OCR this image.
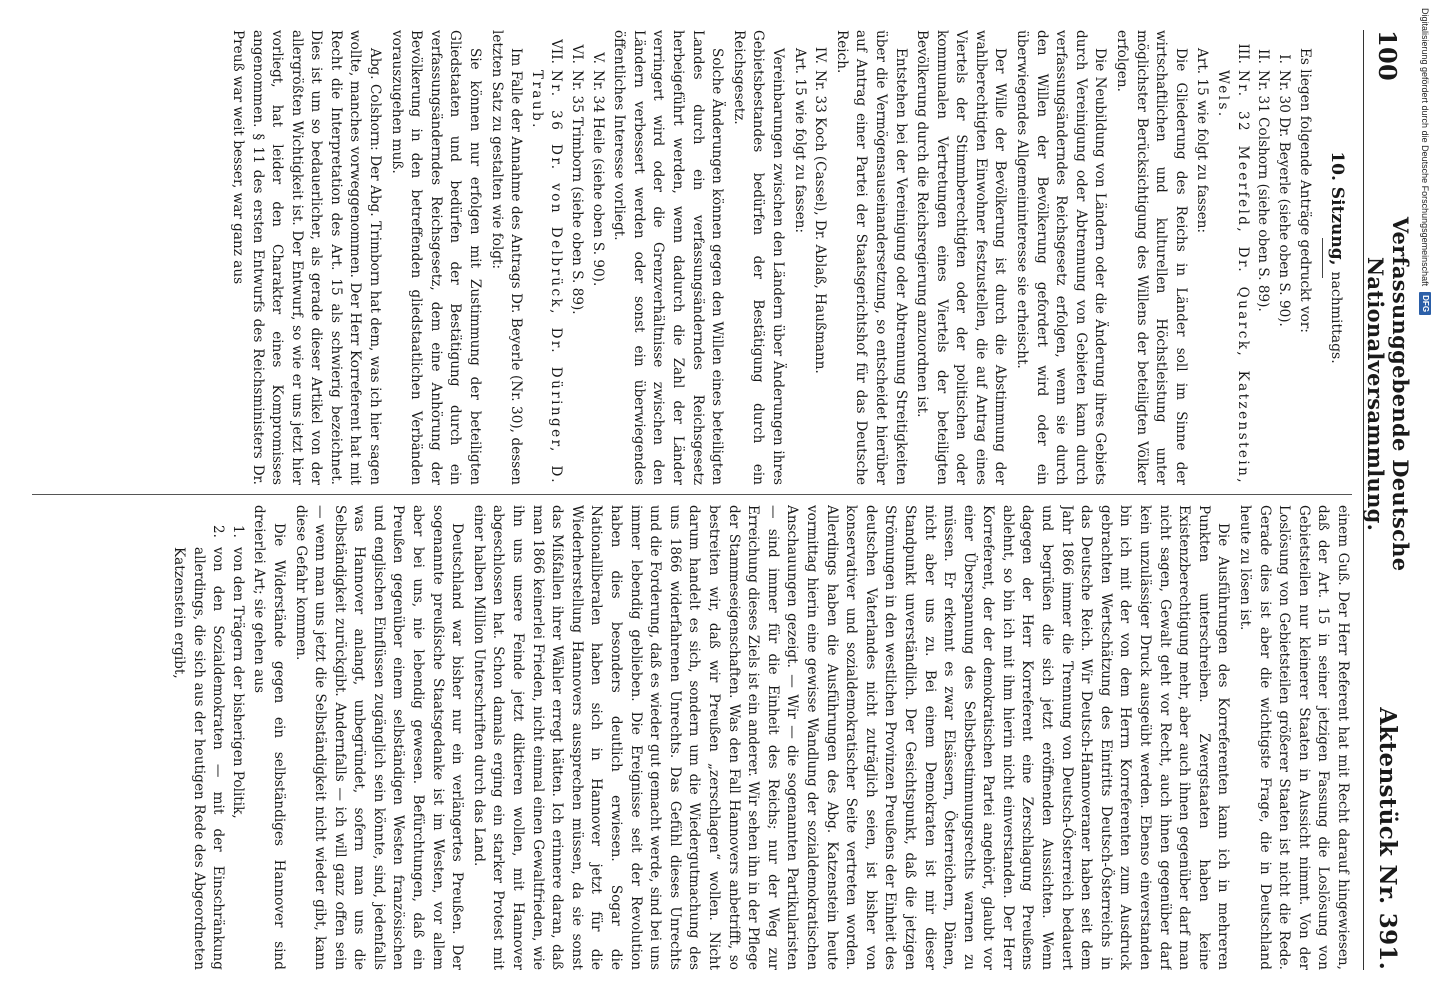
100
Verfassunggebende Deutsche Nationalversammlung.
Aktenstück Nr. 391.
10. Sitzung, nachmittags.

Es liegen folgende Anträge gedruckt vor:

I.
Nr. 30 Dr. Beyerle (siehe oben S. 90).
II.
Nr. 31 Colshorn (siehe oben S. 89).
III.
Nr. 32 Meerfeld, Dr. Quarck, Katzenstein, Wels.

Art. 15 wie folgt zu fassen:

Die Gliederung des Reichs in Länder soll im Sinne der wirtschaftlichen und kulturellen Höchstleistung unter möglichster Berücksichtigung des Willens der beteiligten Völker erfolgen.

Die Neubildung von Ländern oder die Änderung ihres Gebiets durch Vereinigung oder Abtrennung von Gebieten kann durch verfassungsänderndes Reichsgesetz erfolgen, wenn sie durch den Willen der Bevölkerung gefordert wird oder ein überwiegendes Allgemeininteresse sie erheischt.

Der Wille der Bevölkerung ist durch die Abstimmung der wahlberechtigten Einwohner festzustellen, die auf Antrag eines Viertels der Stimmberechtigten oder der politischen oder kommunalen Vertretungen eines Viertels der beteiligten Bevölkerung durch die Reichsregierung anzuordnen ist.

Entstehen bei der Vereinigung oder Abtrennung Streitigkeiten über die Vermögensauseinandersetzung, so entscheidet hierüber auf Antrag einer Partei der Staatsgerichtshof für das Deutsche Reich.

IV.
Nr. 33 Koch (Cassel), Dr. Ablaß, Haußmann.

Art. 15 wie folgt zu fassen:

Vereinbarungen zwischen den Ländern über Änderungen ihres Gebietsbestandes bedürfen der Bestätigung durch ein Reichsgesetz.

Solche Änderungen können gegen den Willen eines beteiligten Landes durch ein verfassungsänderndes Reichsgesetz herbeigeführt werden, wenn dadurch die Zahl der Länder verringert wird oder die Grenzverhältnisse zwischen den Ländern verbessert werden oder sonst ein überwiegendes öffentliches Interesse vorliegt.

V.
Nr. 34 Heile (siehe oben S. 90).
VI.
Nr. 35 Trimborn (siehe oben S. 89).
VII.
Nr. 36 Dr. von Delbrück, Dr. Düringer, D. Traub.

Im Falle der Annahme des Antrags Dr. Beyerle (Nr. 30), dessen letzten Satz zu gestalten wie folgt:

Sie können nur erfolgen mit Zustimmung der beteiligten Gliedstaaten und bedürfen der Bestätigung durch ein verfassungsänderndes Reichsgesetz, dem eine Anhörung der Bevölkerung in den betreffenden gliedstaatlichen Verbänden vorauszugehen muß.

Abg. Colshorn: Der Abg. Trimborn hat dem, was ich hier sagen wollte, manches vorweggenommen. Der Herr Korreferent hat mit Recht die Interpretation des Art. 15 als schwierig bezeichnet. Dies ist um so bedauerlicher, als gerade dieser Artikel von der allergrößten Wichtigkeit ist. Der Entwurf, so wie er uns jetzt hier vorliegt, hat leider den Charakter eines Kompromisses angenommen. § 11 des ersten Entwurfs des Reichsministers Dr. Preuß war weit besser, war ganz aus

einem Guß. Der Herr Referent hat mit Recht darauf hingewiesen, daß der Art. 15 in seiner jetzigen Fassung die Loslösung von Gebietsteilen nur kleinerer Staaten in Aussicht nimmt. Von der Loslösung von Gebietsteilen größerer Staaten ist nicht die Rede. Gerade dies ist aber die wichtigste Frage, die in Deutschland heute zu lösen ist.

Die Ausführungen des Korreferenten kann ich in mehreren Punkten unterschreiben. Zwergstaaten haben keine Existenzberechtigung mehr, aber auch ihnen gegenüber darf man nicht sagen, Gewalt geht vor Recht, auch ihnen gegenüber darf kein unzulässiger Druck ausgeübt werden. Ebenso einverstanden bin ich mit der von dem Herrn Korreferenten zum Ausdruck gebrachten Wertschätzung des Eintritts Deutsch-Österreichs in das Deutsche Reich. Wir Deutsch-Hannoveraner haben seit dem Jahr 1866 immer die Trennung von Deutsch-Österreich bedauert und begrüßen die sich jetzt eröffnenden Aussichten. Wenn dagegen der Herr Korreferent eine Zerschlagung Preußens ablehnt, so bin ich mit ihm hierin nicht einverstanden. Der Herr Korreferent, der der demokratischen Partei angehört, glaubt vor einer Überspannung des Selbstbestimmungsrechts warnen zu müssen. Er erkennt es zwar Elsässern, Österreichern, Dänen, nicht aber uns zu. Bei einem Demokraten ist mir dieser Standpunkt unverständlich. Der Gesichtspunkt, daß die jetzigen Strömungen in den westlichen Provinzen Preußens der Einheit des deutschen Vaterlandes nicht zuträglich seien, ist bisher von konservativer und sozialdemokratischer Seite vertreten worden. Allerdings haben die Ausführungen des Abg. Katzenstein heute vormittag hierin eine gewisse Wandlung der sozialdemokratischen Anschauungen gezeigt. — Wir — die sogenannten Partikularisten — sind immer für die Einheit des Reichs; nur der Weg zur Erreichung dieses Ziels ist ein anderer. Wir sehen ihn in der Pflege der Stammeseigenschaften. Was den Fall Hannovers anbetrifft, so bestreiten wir, daß wir Preußen „zerschlagen“ wollen. Nicht darum handelt es sich, sondern um die Wiedergutmachung des uns 1866 widerfahrenen Unrechts. Das Gefühl dieses Unrechts und die Forderung, daß es wieder gut gemacht werde, sind bei uns immer lebendig geblieben. Die Ereignisse seit der Revolution haben dies besonders deutlich erwiesen. Sogar die Nationalliberalen haben sich in Hannover jetzt für die Wiederherstellung Hannovers aussprechen müssen, da sie sonst das Mißfallen ihrer Wähler erregt hätten. Ich erinnere daran, daß man 1866 keinerlei Frieden, nicht einmal einen Gewaltfrieden, wie ihn uns unsere Feinde jetzt diktieren wollen, mit Hannover abgeschlossen hat. Schon damals erging ein starker Protest mit einer halben Million Unterschriften durch das Land.

Deutschland war bisher nur ein verlängertes Preußen. Der sogenannte preußische Staatsgedanke ist im Westen, vor allem aber bei uns, nie lebendig gewesen. Befürchtungen, daß ein Preußen gegenüber einem selbständigen Westen französischen und englischen Einflüssen zugänglich sein könnte, sind, jedenfalls was Hannover anlangt, unbegründet, sofern man uns die Selbständigkeit zurückgibt. Andernfalls — ich will ganz offen sein — wenn man uns jetzt die Selbständigkeit nicht wieder gibt, kann diese Gefahr kommen.

Die Widerstände gegen ein selbständiges Hannover sind dreierlei Art; sie gehen aus

1.
von den Trägern der bisherigen Politik,
2.
von den Sozialdemokraten — mit der Einschränkung allerdings, die sich aus der heutigen Rede des Abgeordneten Katzenstein ergibt,
Digitalisierung gefördert durch die Deutsche Forschungsgemeinschaft
DFG
